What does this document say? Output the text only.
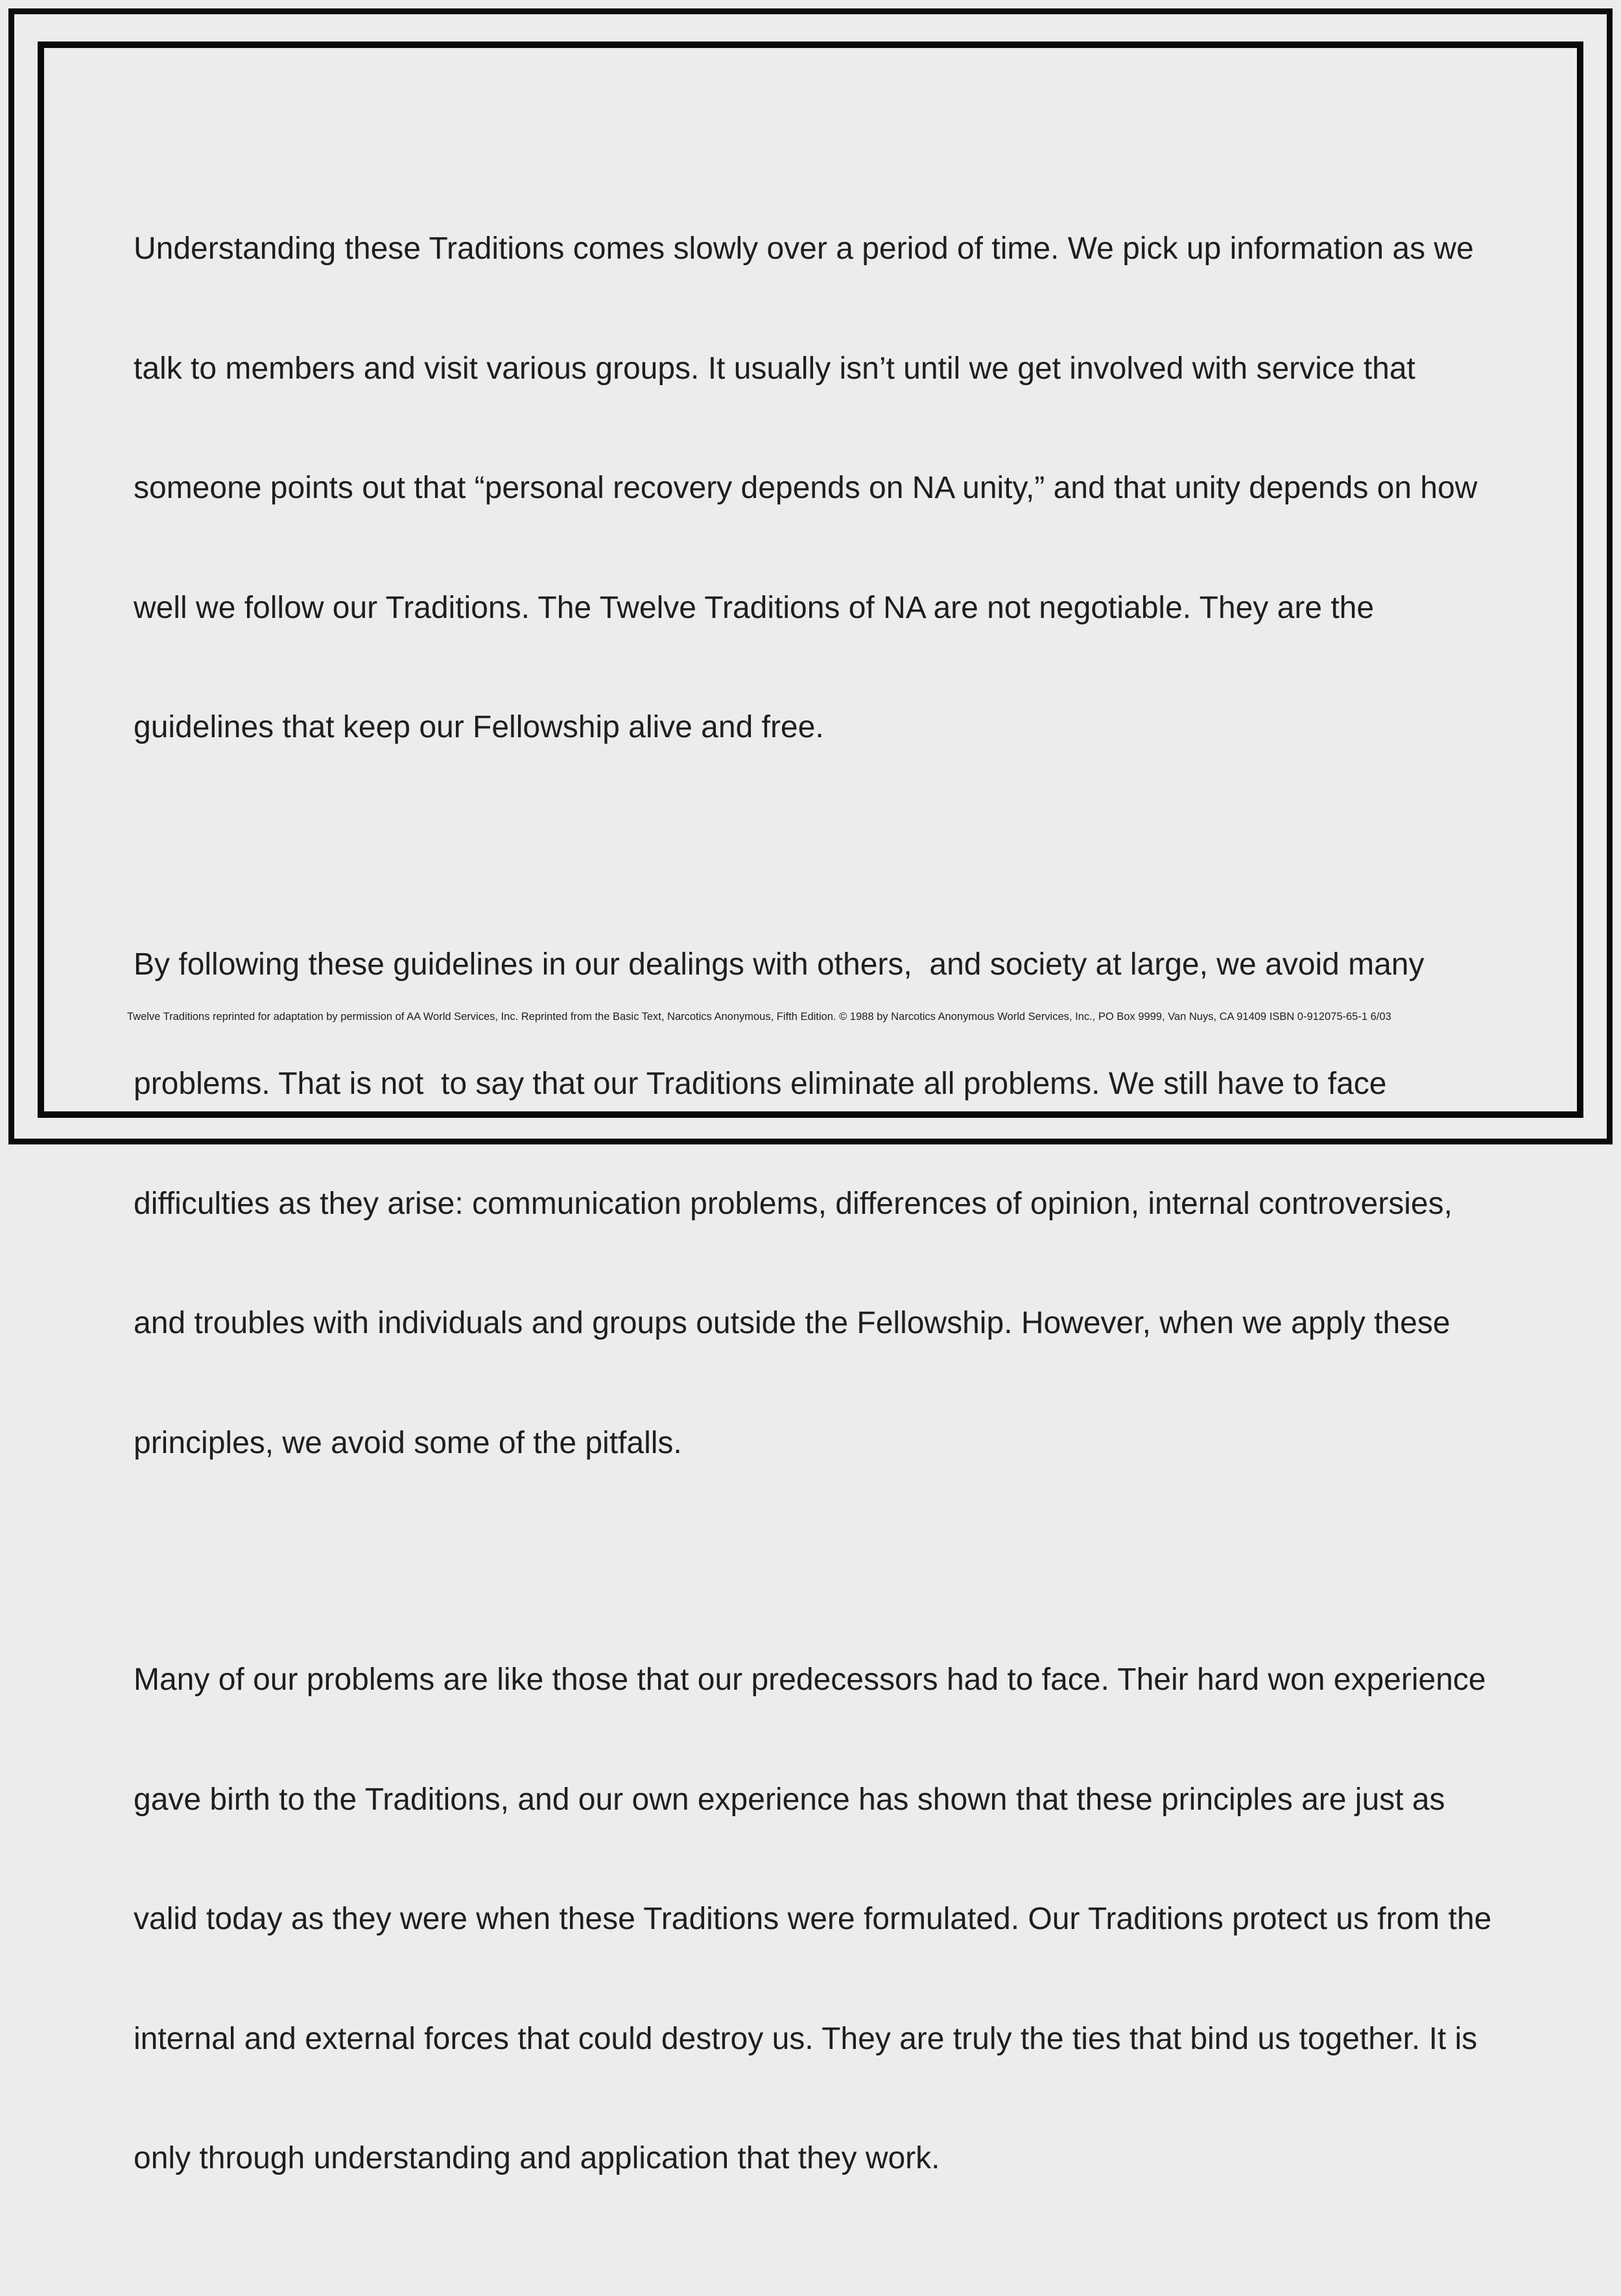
Understanding these Traditions comes slowly over a period of time. We pick up information as we

talk to members and visit various groups. It usually isn’t until we get involved with service that

someone points out that “personal recovery depends on NA unity,” and that unity depends on how

well we follow our Traditions. The Twelve Traditions of NA are not negotiable. They are the

guidelines that keep our Fellowship alive and free.

By following these guidelines in our dealings with others,  and society at large, we avoid many

problems. That is not  to say that our Traditions eliminate all problems. We still have to face

difficulties as they arise: communication problems, differences of opinion, internal controversies,

and troubles with individuals and groups outside the Fellowship. However, when we apply these

principles, we avoid some of the pitfalls.

Many of our problems are like those that our predecessors had to face. Their hard won experience

gave birth to the Traditions, and our own experience has shown that these principles are just as

valid today as they were when these Traditions were formulated. Our Traditions protect us from the

internal and external forces that could destroy us. They are truly the ties that bind us together. It is

only through understanding and application that they work.

Twelve Traditions reprinted for adaptation by permission of AA World Services, Inc. Reprinted from the Basic Text, Narcotics Anonymous, Fifth Edition. © 1988 by Narcotics Anonymous World Services, Inc., PO Box 9999, Van Nuys, CA 91409 ISBN 0-912075-65-1 6/03
